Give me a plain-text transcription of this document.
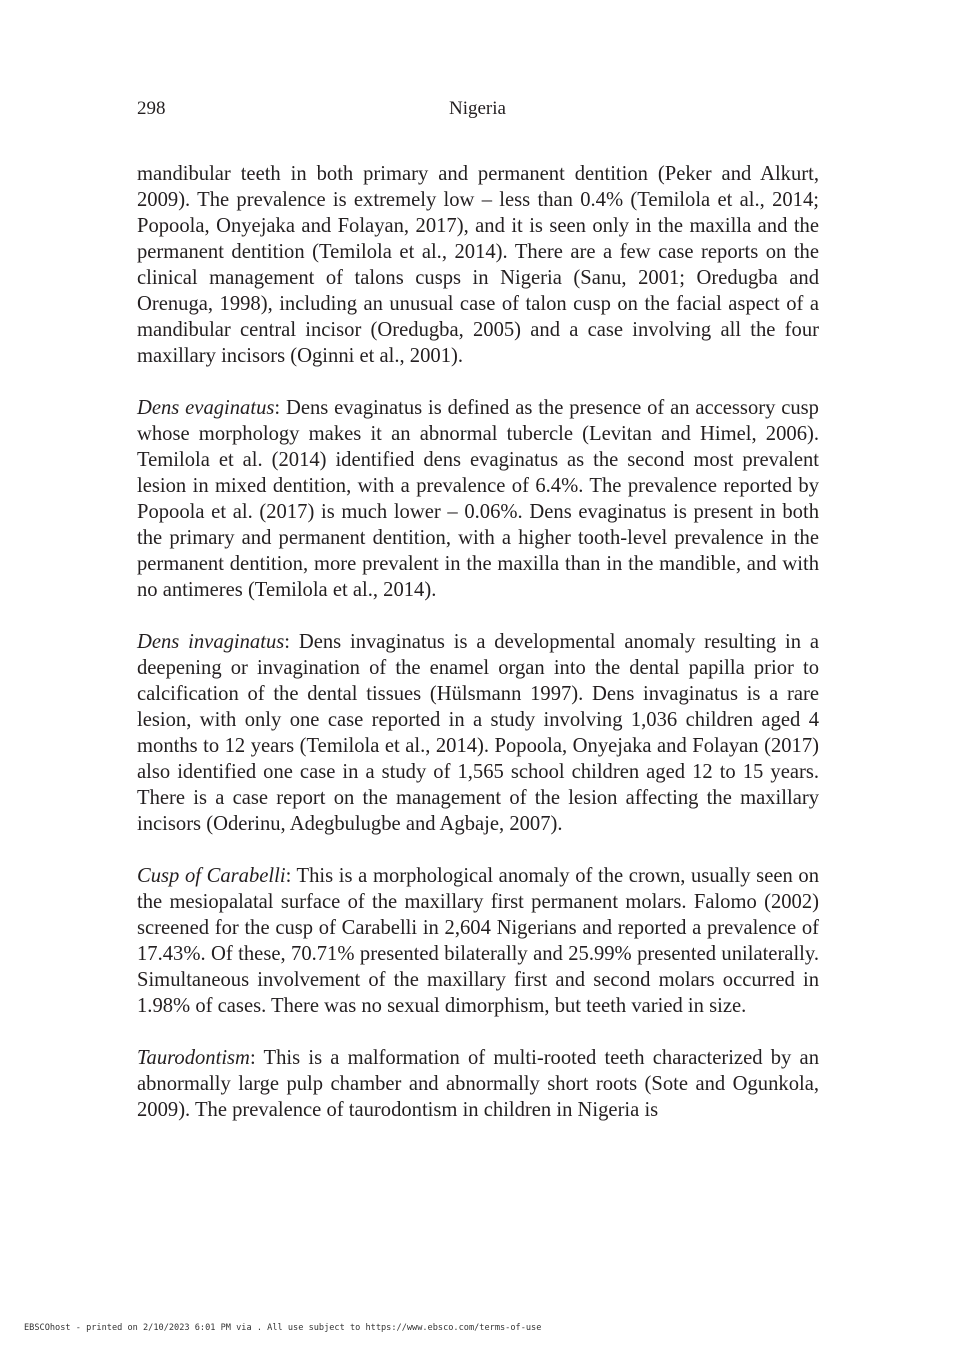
298	Nigeria

mandibular teeth in both primary and permanent dentition (Peker and Alkurt, 2009). The prevalence is extremely low – less than 0.4% (Temilola et al., 2014; Popoola, Onyejaka and Folayan, 2017), and it is seen only in the maxilla and the permanent dentition (Temilola et al., 2014). There are a few case reports on the clinical management of talons cusps in Nigeria (Sanu, 2001; Oredugba and Orenuga, 1998), including an unusual case of talon cusp on the facial aspect of a mandibular central incisor (Oredugba, 2005) and a case involving all the four maxillary incisors (Oginni et al., 2001).

Dens evaginatus: Dens evaginatus is defined as the presence of an accessory cusp whose morphology makes it an abnormal tubercle (Levitan and Himel, 2006). Temilola et al. (2014) identified dens evaginatus as the second most prevalent lesion in mixed dentition, with a prevalence of 6.4%. The prevalence reported by Popoola et al. (2017) is much lower – 0.06%. Dens evaginatus is present in both the primary and permanent dentition, with a higher tooth-level prevalence in the permanent dentition, more prevalent in the maxilla than in the mandible, and with no antimeres (Temilola et al., 2014).

Dens invaginatus: Dens invaginatus is a developmental anomaly resulting in a deepening or invagination of the enamel organ into the dental papilla prior to calcification of the dental tissues (Hülsmann 1997). Dens invaginatus is a rare lesion, with only one case reported in a study involving 1,036 children aged 4 months to 12 years (Temilola et al., 2014). Popoola, Onyejaka and Folayan (2017) also identified one case in a study of 1,565 school children aged 12 to 15 years. There is a case report on the management of the lesion affecting the maxillary incisors (Oderinu, Adegbulugbe and Agbaje, 2007).

Cusp of Carabelli: This is a morphological anomaly of the crown, usually seen on the mesiopalatal surface of the maxillary first permanent molars. Falomo (2002) screened for the cusp of Carabelli in 2,604 Nigerians and reported a prevalence of 17.43%. Of these, 70.71% presented bilaterally and 25.99% presented unilaterally. Simultaneous involvement of the maxillary first and second molars occurred in 1.98% of cases. There was no sexual dimorphism, but teeth varied in size.

Taurodontism: This is a malformation of multi-rooted teeth characterized by an abnormally large pulp chamber and abnormally short roots (Sote and Ogunkola, 2009). The prevalence of taurodontism in children in Nigeria is

EBSCOhost - printed on 2/10/2023 6:01 PM via . All use subject to https://www.ebsco.com/terms-of-use
